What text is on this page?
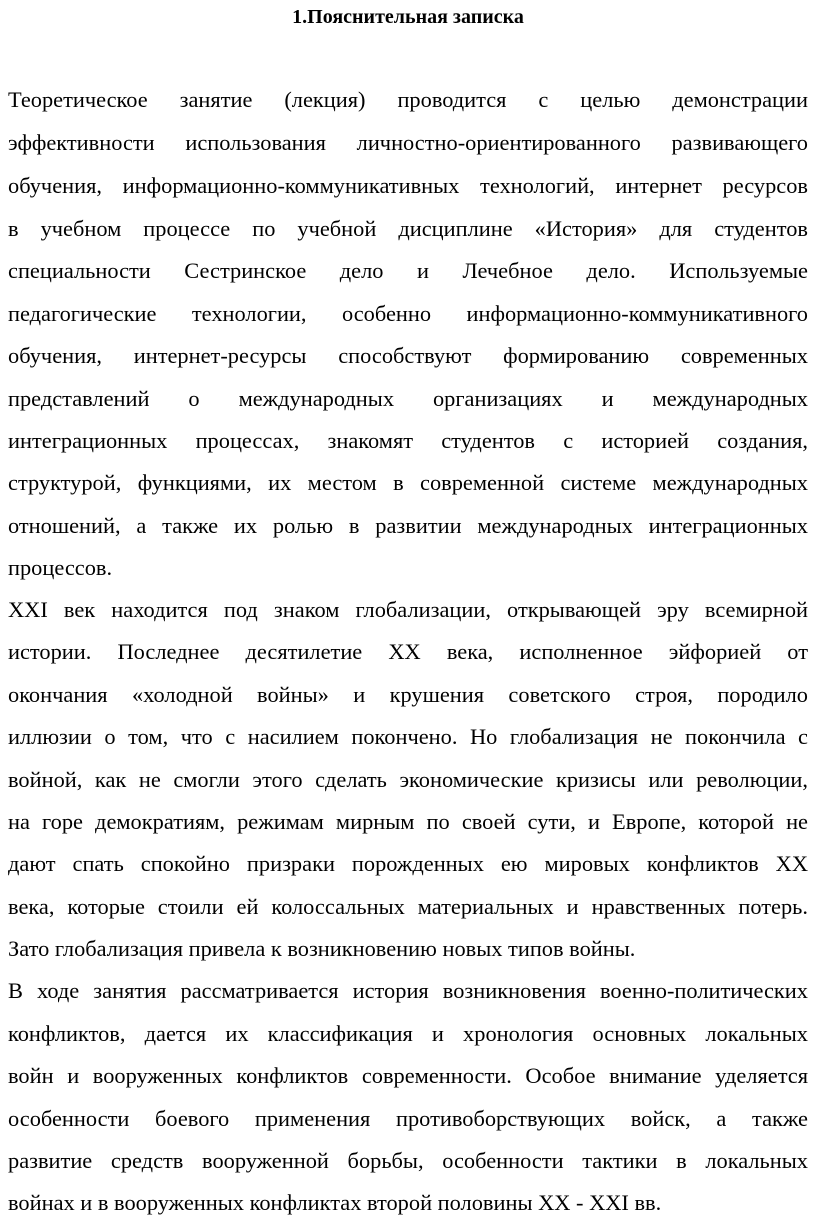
1.Пояснительная записка
Теоретическое занятие (лекция) проводится с целью демонстрации
эффективности использования личностно-ориентированного развивающего
обучения, информационно-коммуникативных технологий, интернет ресурсов
в учебном процессе по учебной дисциплине «История» для студентов
специальности Сестринское дело и Лечебное дело. Используемые
педагогические технологии, особенно информационно-коммуникативного
обучения, интернет-ресурсы способствуют формированию современных
представлений о международных организациях и международных
интеграционных процессах, знакомят студентов с историей создания,
структурой, функциями, их местом в современной системе международных
отношений, а также их ролью в развитии международных интеграционных
процессов.
XXI век находится под знаком глобализации, открывающей эру всемирной
истории. Последнее десятилетие XX века, исполненное эйфорией от
окончания «холодной войны» и крушения советского строя, породило
иллюзии о том, что с насилием покончено. Но глобализация не покончила с
войной, как не смогли этого сделать экономические кризисы или революции,
на горе демократиям, режимам мирным по своей сути, и Европе, которой не
дают спать спокойно призраки порожденных ею мировых конфликтов XX
века, которые стоили ей колоссальных материальных и нравственных потерь.
Зато глобализация привела к возникновению новых типов войны.
В ходе занятия рассматривается история возникновения военно-политических
конфликтов, дается их классификация и хронология основных локальных
войн и вооруженных конфликтов современности. Особое внимание уделяется
особенности боевого применения противоборствующих войск, а также
развитие средств вооруженной борьбы, особенности тактики в локальных
войнах и в вооруженных конфликтах второй половины XX - XXI вв.
